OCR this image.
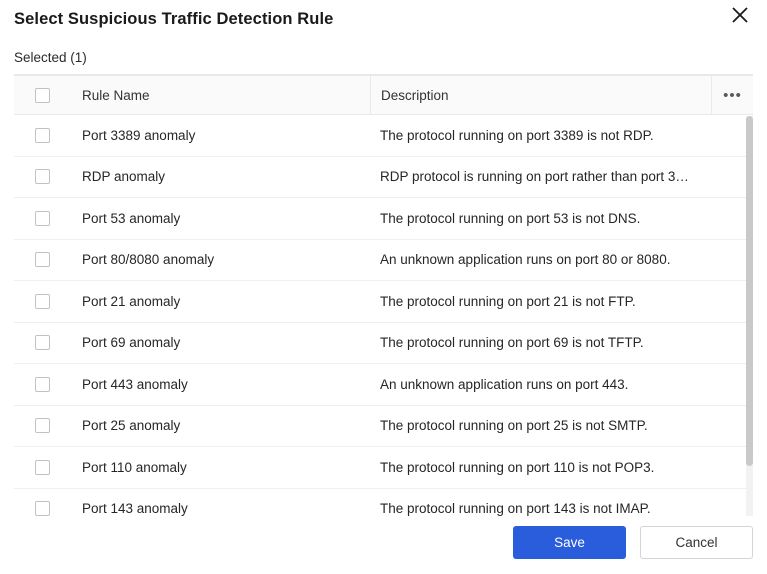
Select Suspicious Traffic Detection Rule
Selected (1)
Rule Name	Description	•••
Port 3389 anomaly	The protocol running on port 3389 is not RDP.
RDP anomaly	RDP protocol is running on port rather than port 3…
Port 53 anomaly	The protocol running on port 53 is not DNS.
Port 80/8080 anomaly	An unknown application runs on port 80 or 8080.
Port 21 anomaly	The protocol running on port 21 is not FTP.
Port 69 anomaly	The protocol running on port 69 is not TFTP.
Port 443 anomaly	An unknown application runs on port 443.
Port 25 anomaly	The protocol running on port 25 is not SMTP.
Port 110 anomaly	The protocol running on port 110 is not POP3.
Port 143 anomaly	The protocol running on port 143 is not IMAP.
Save	Cancel
